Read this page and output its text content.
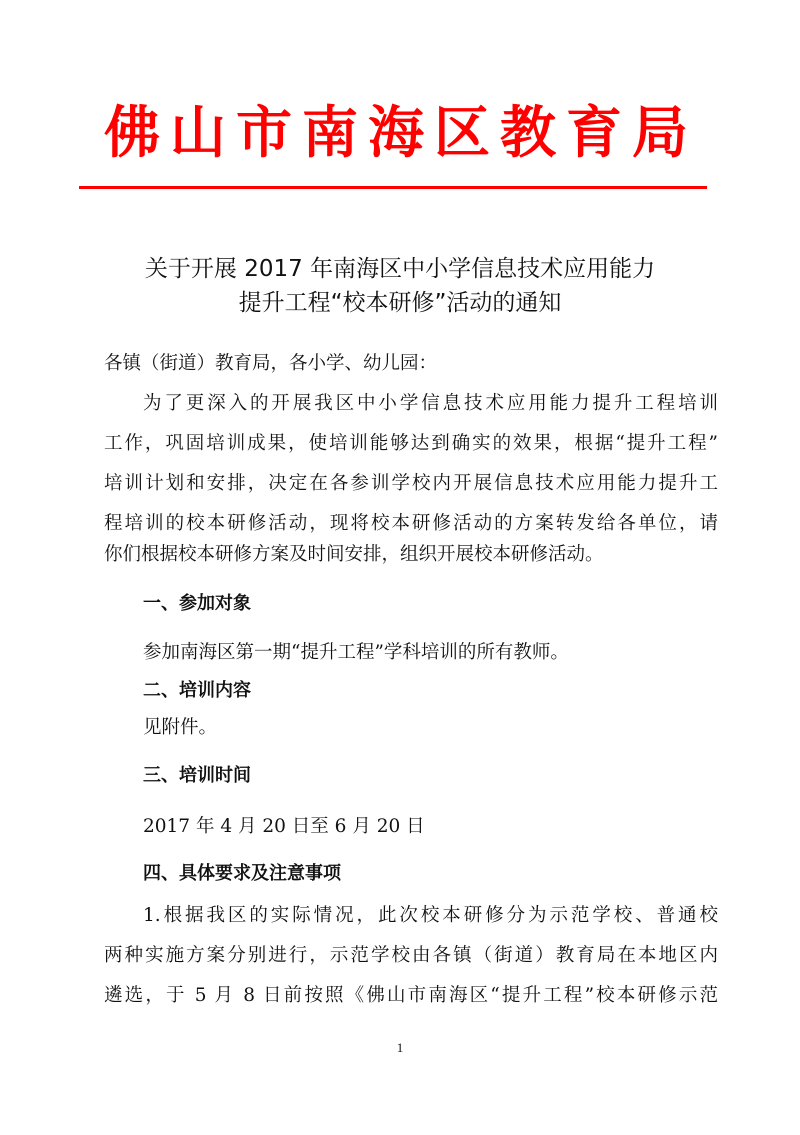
佛 山 市 南 海 区 教 育 局
关于开展 2017 年南海区中小学信息技术应用能力
提升工程“校本研修”活动的通知
各镇（街道）教育局，各小学、幼儿园：
为了更深入的开展我区中小学信息技术应用能力提升工程培训
工作，巩固培训成果，使培训能够达到确实的效果，根据“提升工程”
培训计划和安排，决定在各参训学校内开展信息技术应用能力提升工
程培训的校本研修活动，现将校本研修活动的方案转发给各单位，请
你们根据校本研修方案及时间安排，组织开展校本研修活动。
一、参加对象
参加南海区第一期“提升工程”学科培训的所有教师。
二、培训内容
见附件。
三、培训时间
2017 年 4 月 20 日至 6 月 20 日
四、具体要求及注意事项
1.根据我区的实际情况，此次校本研修分为示范学校、普通校
两种实施方案分别进行，示范学校由各镇（街道）教育局在本地区内
遴选，于 5 月 8 日前按照《佛山市南海区“提升工程”校本研修示范
1
